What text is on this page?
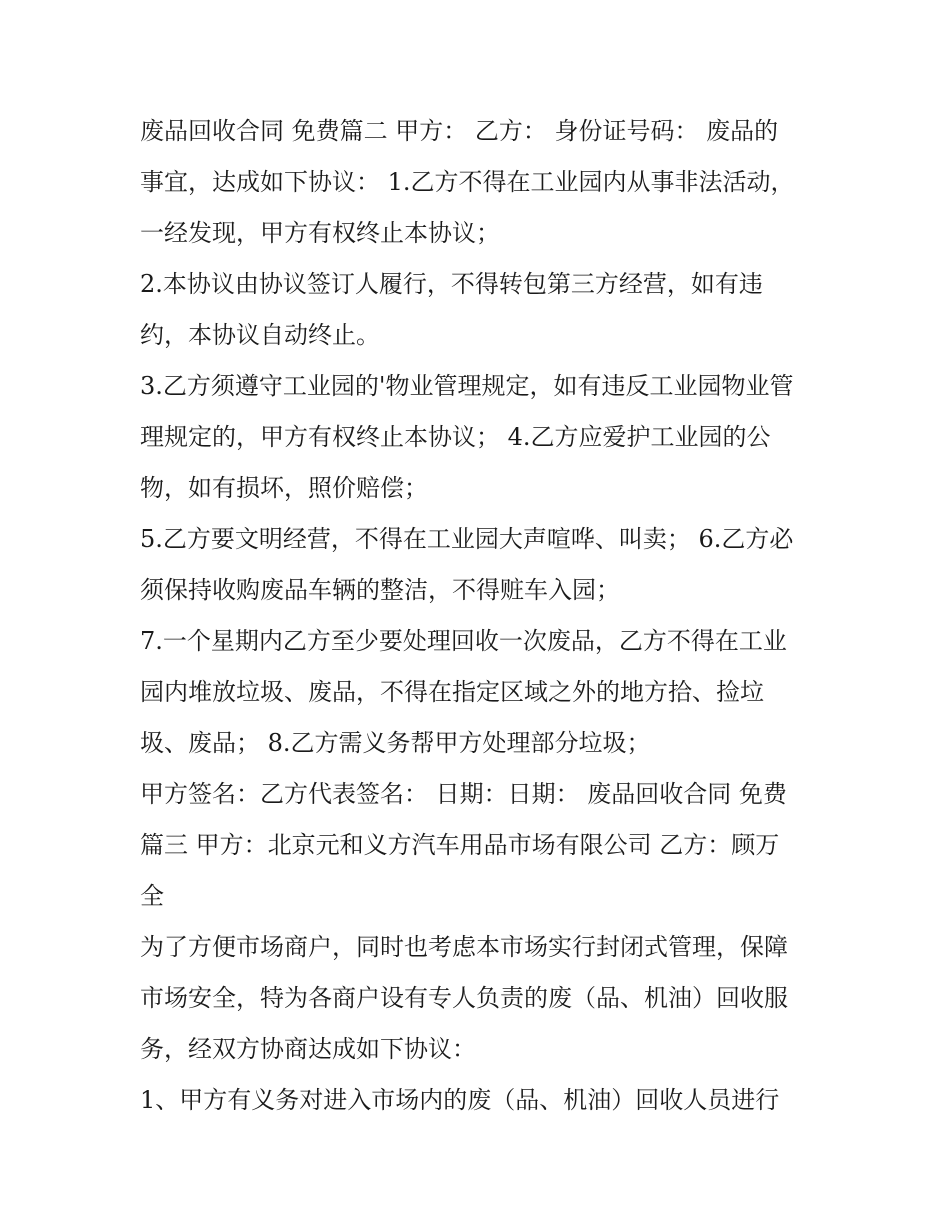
废品回收合同 免费篇二 甲方： 乙方： 身份证号码： 废品的
事宜，达成如下协议： 1.乙方不得在工业园内从事非法活动，
一经发现，甲方有权终止本协议；
2.本协议由协议签订人履行，不得转包第三方经营，如有违
约，本协议自动终止。
3.乙方须遵守工业园的'物业管理规定，如有违反工业园物业管
理规定的，甲方有权终止本协议； 4.乙方应爱护工业园的公
物，如有损坏，照价赔偿；
5.乙方要文明经营，不得在工业园大声喧哗、叫卖； 6.乙方必
须保持收购废品车辆的整洁，不得赃车入园；
7.一个星期内乙方至少要处理回收一次废品，乙方不得在工业
园内堆放垃圾、废品，不得在指定区域之外的地方拾、捡垃
圾、废品； 8.乙方需义务帮甲方处理部分垃圾；
甲方签名：乙方代表签名： 日期：日期： 废品回收合同 免费
篇三 甲方：北京元和义方汽车用品市场有限公司 乙方：顾万
全
为了方便市场商户，同时也考虑本市场实行封闭式管理，保障
市场安全，特为各商户设有专人负责的废（品、机油）回收服
务，经双方协商达成如下协议：
1、甲方有义务对进入市场内的废（品、机油）回收人员进行
